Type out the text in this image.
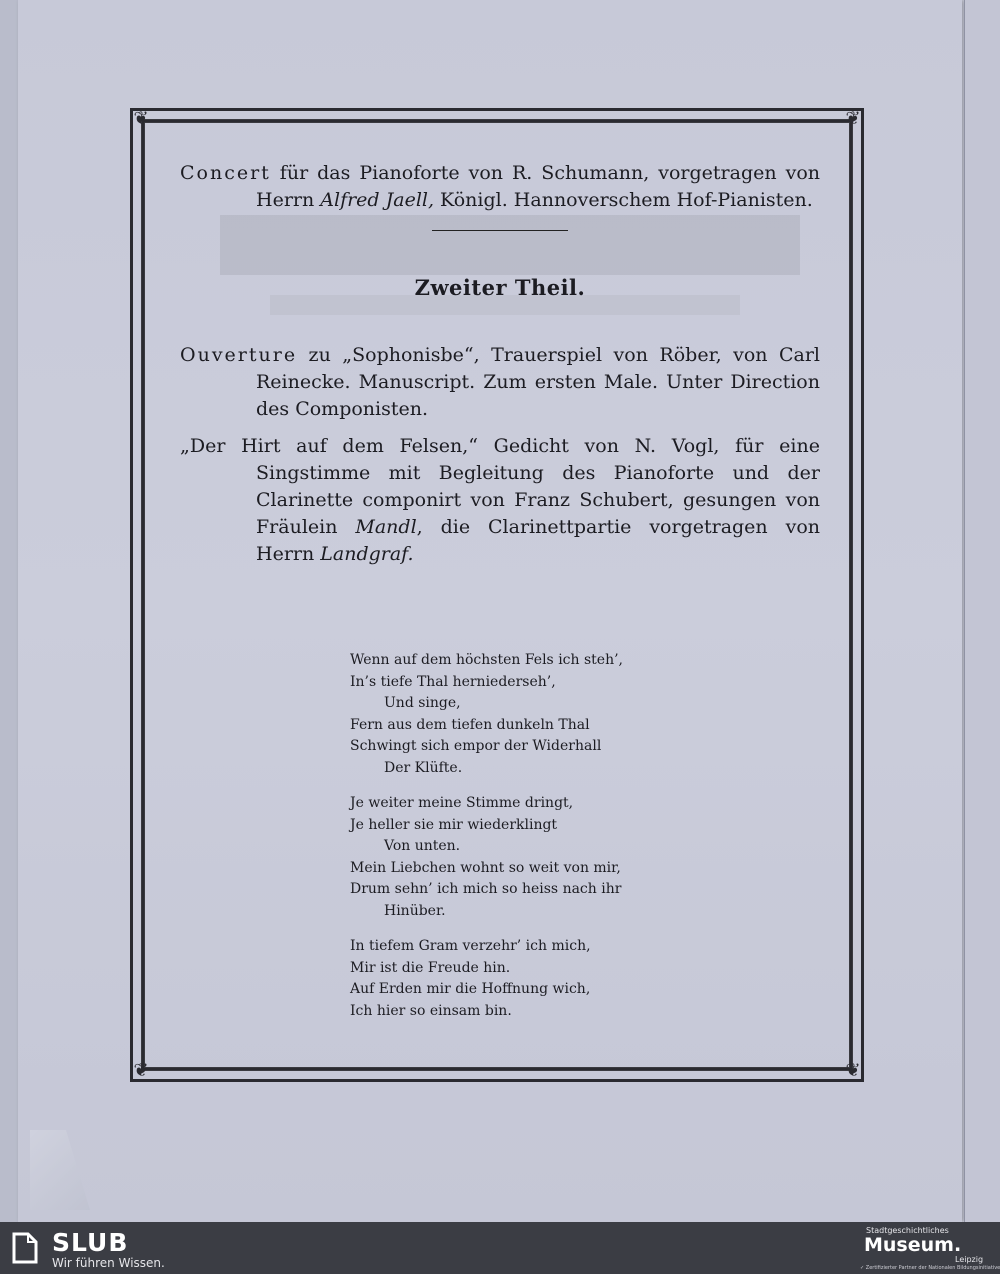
❦	❦
❦	❦

Concert für das Pianoforte von R. Schumann, vorgetragen von Herrn Alfred Jaell, Königl. Hannoverschem Hof-Pianisten.

Zweiter Theil.

Ouverture zu „Sophonisbe“, Trauerspiel von Röber, von Carl Reinecke. Manuscript. Zum ersten Male. Unter Direction des Componisten.

„Der Hirt auf dem Felsen,“ Gedicht von N. Vogl, für eine Singstimme mit Begleitung des Pianoforte und der Clarinette componirt von Franz Schubert, gesungen von Fräulein Mandl, die Clarinettpartie vorgetragen von Herrn Landgraf.

Wenn auf dem höchsten Fels ich steh’,
In’s tiefe Thal herniederseh’,
Und singe,
Fern aus dem tiefen dunkeln Thal
Schwingt sich empor der Widerhall
Der Klüfte.
Je weiter meine Stimme dringt,
Je heller sie mir wiederklingt
Von unten.
Mein Liebchen wohnt so weit von mir,
Drum sehn’ ich mich so heiss nach ihr
Hinüber.
In tiefem Gram verzehr’ ich mich,
Mir ist die Freude hin.
Auf Erden mir die Hoffnung wich,
Ich hier so einsam bin.
SLUB
Wir führen Wissen.
Stadtgeschichtliches
Museum.
Leipzig
✓ Zertifizierter Partner der Nationalen Bildungsinitiative
